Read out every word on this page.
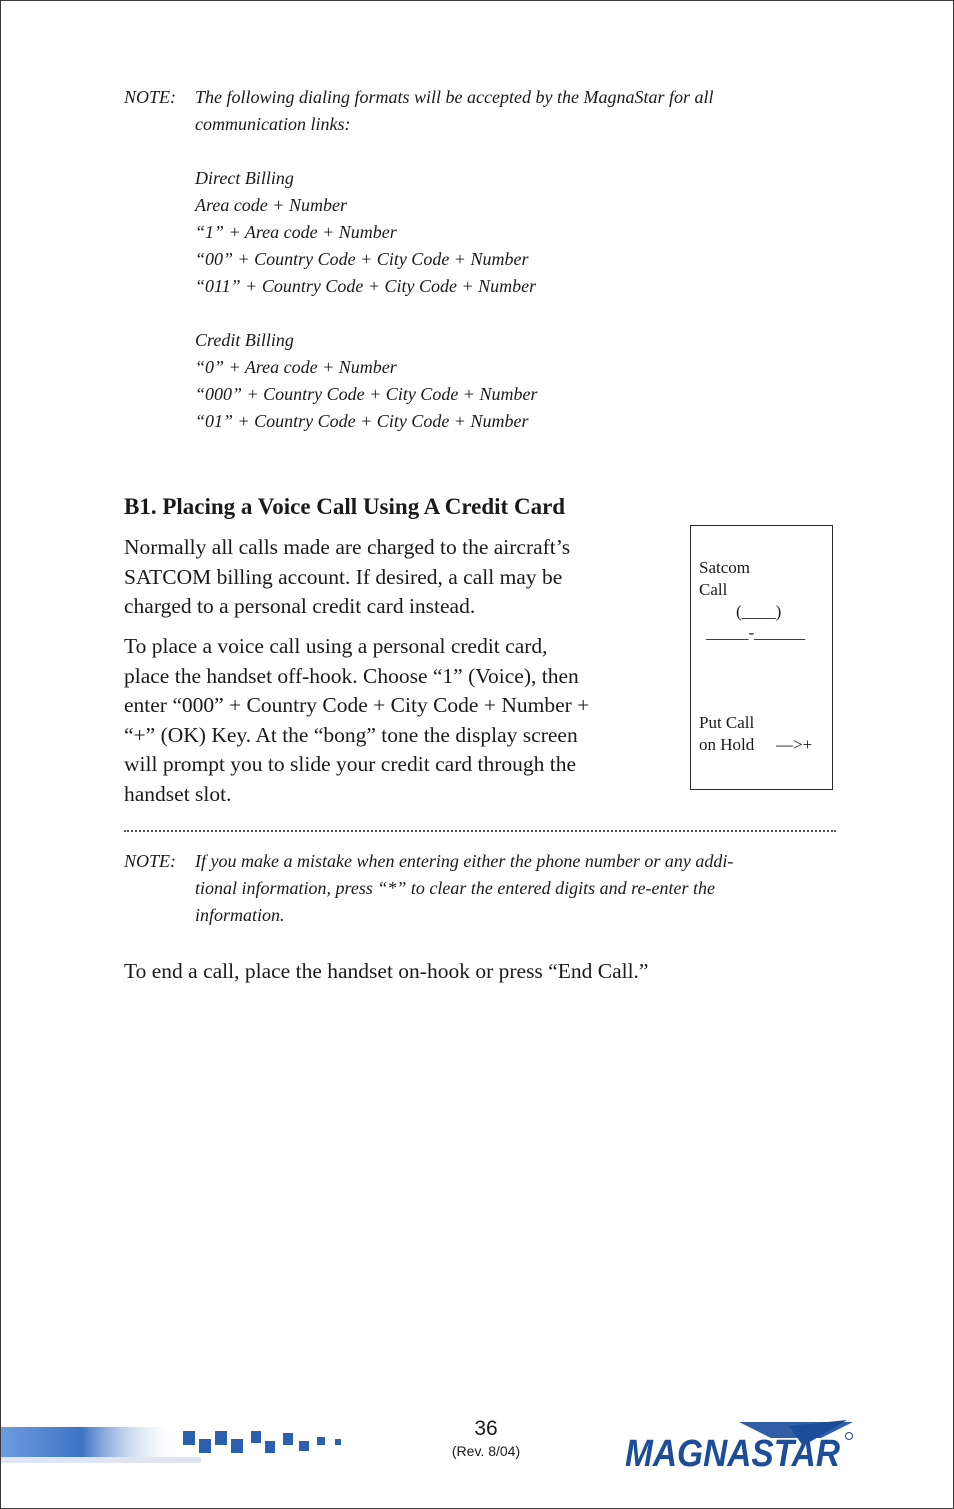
NOTE: The following dialing formats will be accepted by the MagnaStar for all
communication links:
Direct Billing
Area code + Number
“1” + Area code + Number
“00” + Country Code + City Code + Number
“011” + Country Code + City Code + Number
Credit Billing
“0” + Area code + Number
“000” + Country Code + City Code + Number
“01” + Country Code + City Code + Number
B1. Placing a Voice Call Using A Credit Card
Normally all calls made are charged to the aircraft’s
SATCOM billing account. If desired, a call may be
charged to a personal credit card instead.
To place a voice call using a personal credit card,
place the handset off-hook. Choose “1” (Voice), then
enter “000” + Country Code + City Code + Number +
“+” (OK) Key. At the “bong” tone the display screen
will prompt you to slide your credit card through the
handset slot.
Satcom
Call
(____)
_____-______
Put Call
on Hold —>+
NOTE: If you make a mistake when entering either the phone number or any addi-
tional information, press “*” to clear the entered digits and re-enter the
information.
To end a call, place the handset on-hook or press “End Call.”
36
(Rev. 8/04)	MAGNASTAR
